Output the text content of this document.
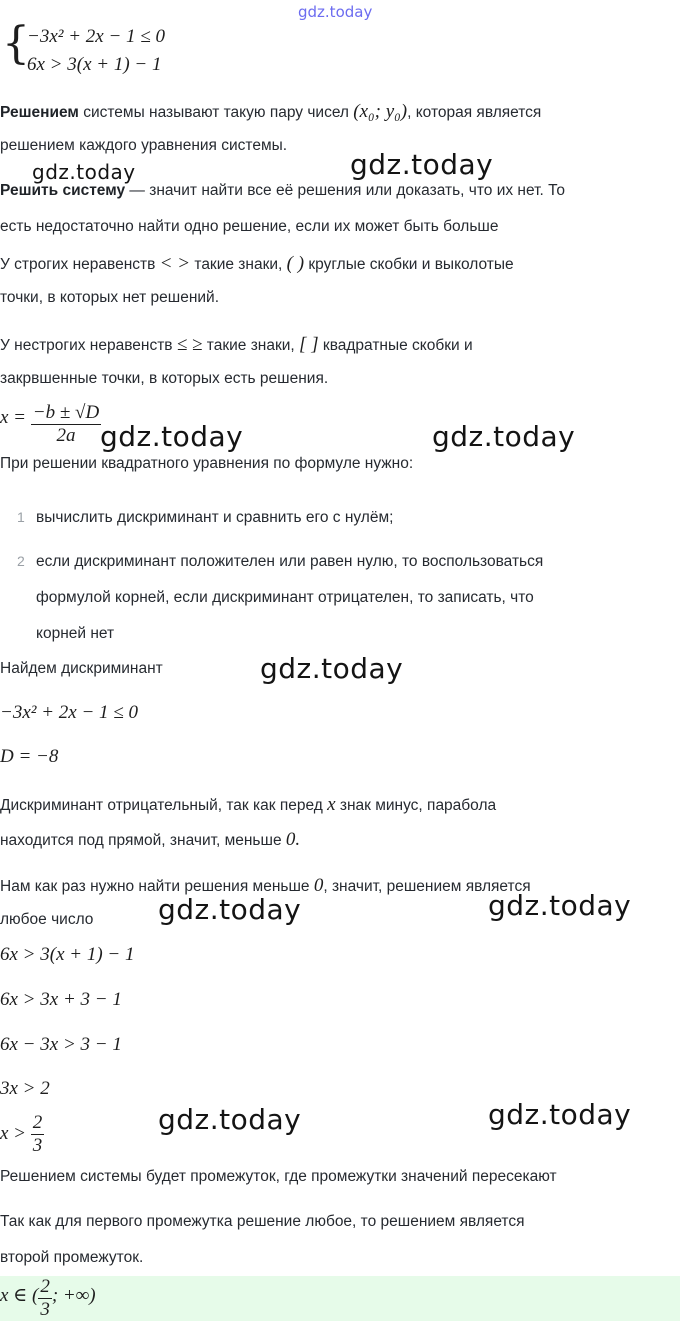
gdz.today
{
−3x² + 2x − 1 ≤ 0
6x > 3(x + 1) − 1
Решением системы называют такую пару чисел (x₀; y₀), которая является
решением каждого уравнения системы.
gdz.today	gdz.today
Решить систему — значит найти все её решения или доказать, что их нет. То
есть недостаточно найти одно решение, если их может быть больше
У строгих неравенств < > такие знаки, ( ) круглые скобки и выколотые
точки, в которых нет решений.
У нестрогих неравенств ≤ ≥ такие знаки, [ ] квадратные скобки и
закрвшенные точки, в которых есть решения.
$x = \frac{-b \pm √D}{2a}$
gdz.today	gdz.today
При решении квадратного уравнения по формуле нужно:
1 вычислить дискриминант и сравнить его с нулём;
2 если дискриминант положителен или равен нулю, то воспользоваться
формулой корней, если дискриминант отрицателен, то записать, что
корней нет
Найдем дискриминант	gdz.today
−3x² + 2x − 1 ≤ 0
D = −8
Дискриминант отрицательный, так как перед x знак минус, парабола
находится под прямой, значит, меньше 0.
Нам как раз нужно найти решения меньше 0, значит, решением является
любое число gdz.today	gdz.today
6x > 3(x + 1) − 1
6x > 3x + 3 − 1
6x − 3x > 3 − 1
3x > 2
$x > \frac{2}{3}$	gdz.today	gdz.today
Решением системы будет промежуток, где промежутки значений пересекают
Так как для первого промежутка решение любое, то решением является
второй промежуток.
x ∈ ( $\frac{2}{3}$ ; +∞)
